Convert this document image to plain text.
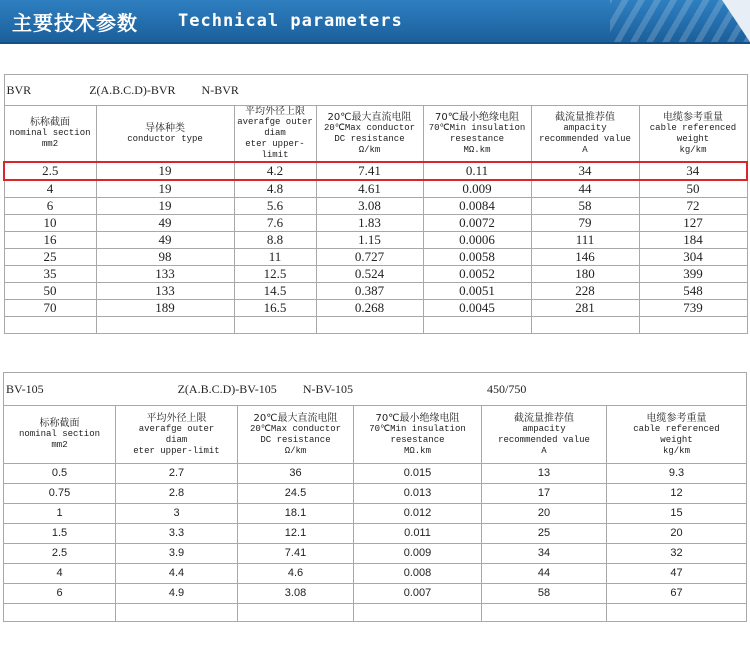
主要技术参数 Technical parameters
BVR Z(A.B.C.D)-BVR N-BVR						

标称截面
nominal section
mm2	导体种类
conductor type	平均外径上限
averafge outer
diam
eter upper-limit	20℃最大直流电阻
20℃Max conductor
DC resistance
Ω/km	70℃最小绝缘电阻
70℃Min insulation
resestance
MΩ.km	截流量推荐值
ampacity
recommended value
A	电缆参考重量
cable referenced
weight
kg/km

2.5	19	4.2	7.41	0.11	34	34
4	19	4.8	4.61	0.009	44	50
6	19	5.6	3.08	0.0084	58	72
10	49	7.6	1.83	0.0072	79	127
16	49	8.8	1.15	0.0006	111	184
25	98	11	0.727	0.0058	146	304
35	133	12.5	0.524	0.0052	180	399
50	133	14.5	0.387	0.0051	228	548
70	189	16.5	0.268	0.0045	281	739

BV-105 Z(A.B.C.D)-BV-105 N-BV-105 450/750					

标称截面
nominal section
mm2	平均外径上限
averafge outer
diam
eter upper-limit	20℃最大直流电阻
20℃Max conductor
DC resistance
Ω/km	70℃最小绝缘电阻
70℃Min insulation
resestance
MΩ.km	截流量推荐值
ampacity
recommended value
A	电缆参考重量
cable referenced
weight
kg/km

0.5	2.7	36	0.015	13	9.3
0.75	2.8	24.5	0.013	17	12
1	3	18.1	0.012	20	15
1.5	3.3	12.1	0.011	25	20
2.5	3.9	7.41	0.009	34	32
4	4.4	4.6	0.008	44	47
6	4.9	3.08	0.007	58	67
